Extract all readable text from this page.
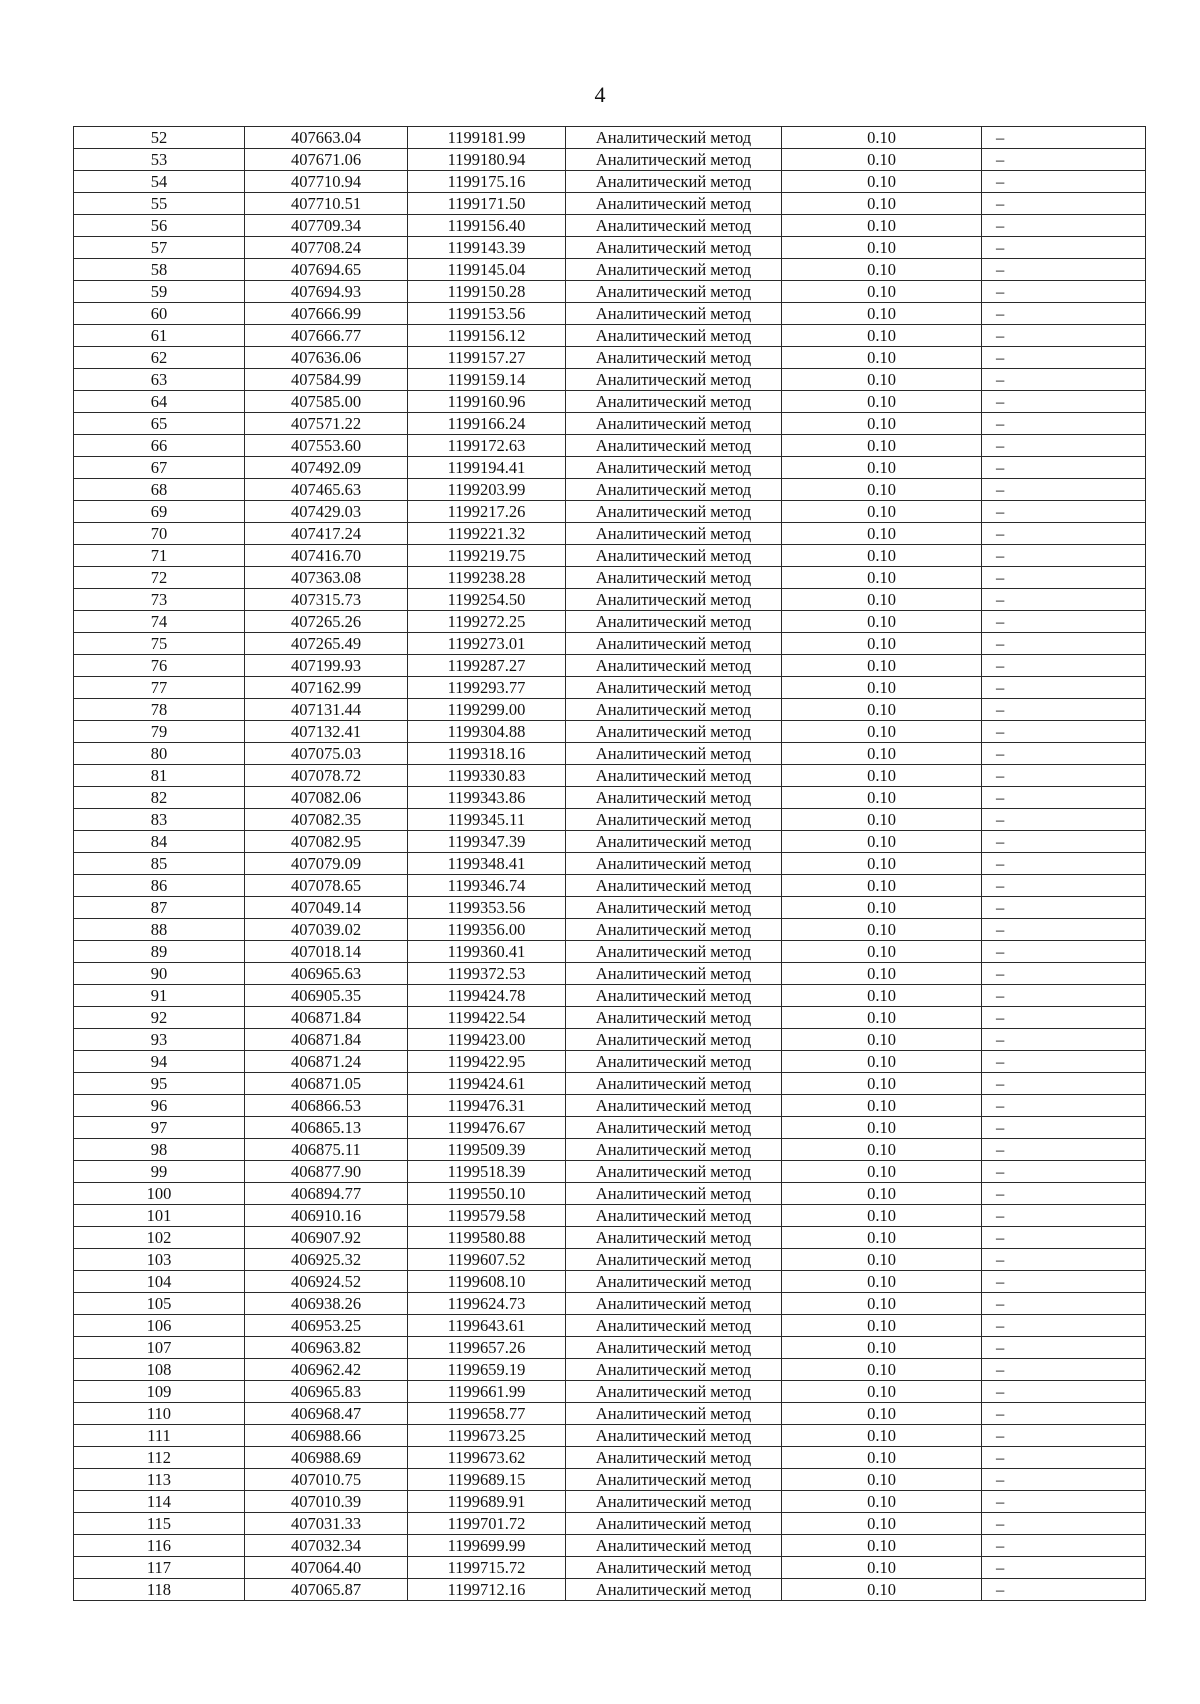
4
52	407663.04	1199181.99	Аналитический метод	0.10	–
53	407671.06	1199180.94	Аналитический метод	0.10	–
54	407710.94	1199175.16	Аналитический метод	0.10	–
55	407710.51	1199171.50	Аналитический метод	0.10	–
56	407709.34	1199156.40	Аналитический метод	0.10	–
57	407708.24	1199143.39	Аналитический метод	0.10	–
58	407694.65	1199145.04	Аналитический метод	0.10	–
59	407694.93	1199150.28	Аналитический метод	0.10	–
60	407666.99	1199153.56	Аналитический метод	0.10	–
61	407666.77	1199156.12	Аналитический метод	0.10	–
62	407636.06	1199157.27	Аналитический метод	0.10	–
63	407584.99	1199159.14	Аналитический метод	0.10	–
64	407585.00	1199160.96	Аналитический метод	0.10	–
65	407571.22	1199166.24	Аналитический метод	0.10	–
66	407553.60	1199172.63	Аналитический метод	0.10	–
67	407492.09	1199194.41	Аналитический метод	0.10	–
68	407465.63	1199203.99	Аналитический метод	0.10	–
69	407429.03	1199217.26	Аналитический метод	0.10	–
70	407417.24	1199221.32	Аналитический метод	0.10	–
71	407416.70	1199219.75	Аналитический метод	0.10	–
72	407363.08	1199238.28	Аналитический метод	0.10	–
73	407315.73	1199254.50	Аналитический метод	0.10	–
74	407265.26	1199272.25	Аналитический метод	0.10	–
75	407265.49	1199273.01	Аналитический метод	0.10	–
76	407199.93	1199287.27	Аналитический метод	0.10	–
77	407162.99	1199293.77	Аналитический метод	0.10	–
78	407131.44	1199299.00	Аналитический метод	0.10	–
79	407132.41	1199304.88	Аналитический метод	0.10	–
80	407075.03	1199318.16	Аналитический метод	0.10	–
81	407078.72	1199330.83	Аналитический метод	0.10	–
82	407082.06	1199343.86	Аналитический метод	0.10	–
83	407082.35	1199345.11	Аналитический метод	0.10	–
84	407082.95	1199347.39	Аналитический метод	0.10	–
85	407079.09	1199348.41	Аналитический метод	0.10	–
86	407078.65	1199346.74	Аналитический метод	0.10	–
87	407049.14	1199353.56	Аналитический метод	0.10	–
88	407039.02	1199356.00	Аналитический метод	0.10	–
89	407018.14	1199360.41	Аналитический метод	0.10	–
90	406965.63	1199372.53	Аналитический метод	0.10	–
91	406905.35	1199424.78	Аналитический метод	0.10	–
92	406871.84	1199422.54	Аналитический метод	0.10	–
93	406871.84	1199423.00	Аналитический метод	0.10	–
94	406871.24	1199422.95	Аналитический метод	0.10	–
95	406871.05	1199424.61	Аналитический метод	0.10	–
96	406866.53	1199476.31	Аналитический метод	0.10	–
97	406865.13	1199476.67	Аналитический метод	0.10	–
98	406875.11	1199509.39	Аналитический метод	0.10	–
99	406877.90	1199518.39	Аналитический метод	0.10	–
100	406894.77	1199550.10	Аналитический метод	0.10	–
101	406910.16	1199579.58	Аналитический метод	0.10	–
102	406907.92	1199580.88	Аналитический метод	0.10	–
103	406925.32	1199607.52	Аналитический метод	0.10	–
104	406924.52	1199608.10	Аналитический метод	0.10	–
105	406938.26	1199624.73	Аналитический метод	0.10	–
106	406953.25	1199643.61	Аналитический метод	0.10	–
107	406963.82	1199657.26	Аналитический метод	0.10	–
108	406962.42	1199659.19	Аналитический метод	0.10	–
109	406965.83	1199661.99	Аналитический метод	0.10	–
110	406968.47	1199658.77	Аналитический метод	0.10	–
111	406988.66	1199673.25	Аналитический метод	0.10	–
112	406988.69	1199673.62	Аналитический метод	0.10	–
113	407010.75	1199689.15	Аналитический метод	0.10	–
114	407010.39	1199689.91	Аналитический метод	0.10	–
115	407031.33	1199701.72	Аналитический метод	0.10	–
116	407032.34	1199699.99	Аналитический метод	0.10	–
117	407064.40	1199715.72	Аналитический метод	0.10	–
118	407065.87	1199712.16	Аналитический метод	0.10	–
